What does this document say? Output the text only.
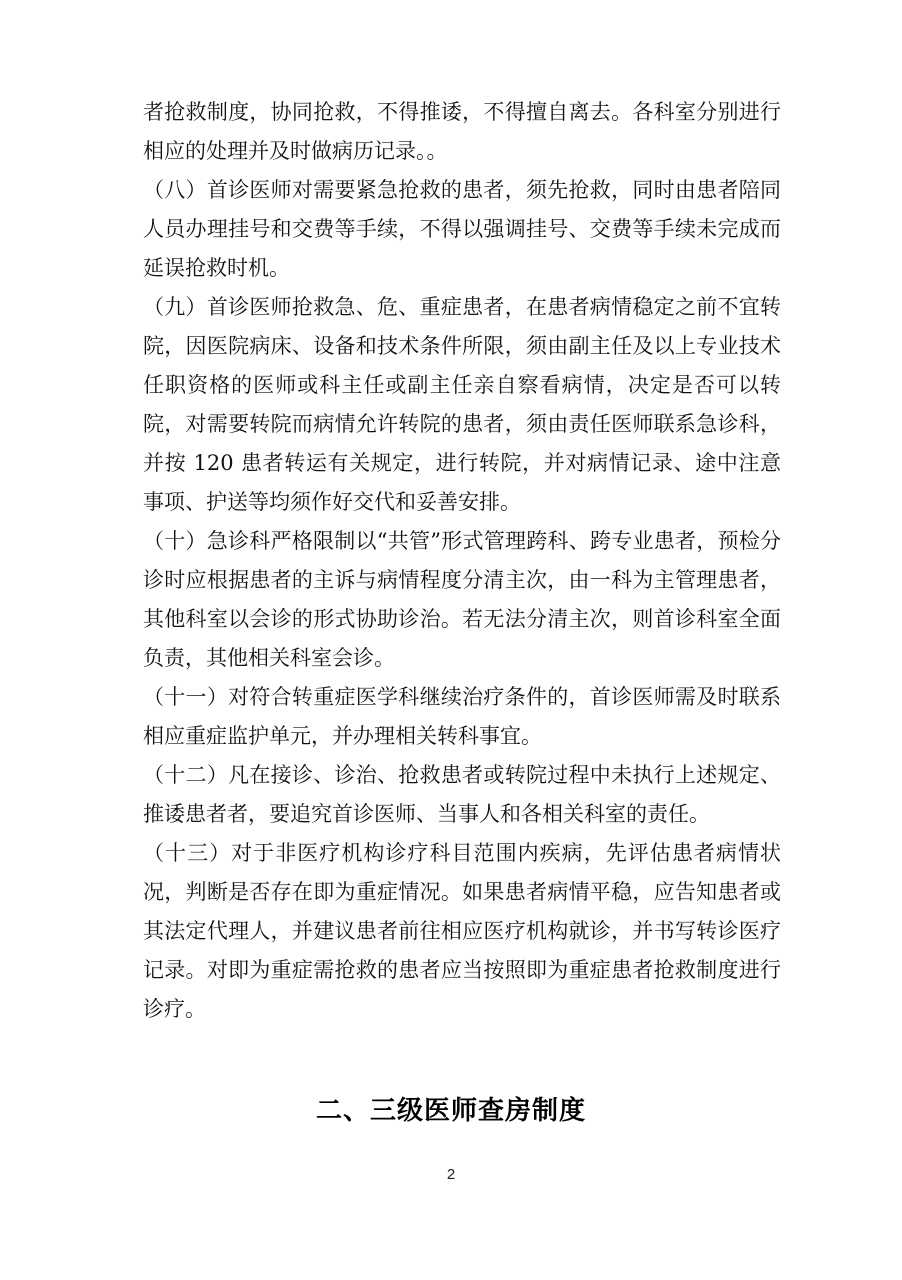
者抢救制度，协同抢救，不得推诿，不得擅自离去。各科室分别进行相应的处理并及时做病历记录。。

（八）首诊医师对需要紧急抢救的患者，须先抢救，同时由患者陪同人员办理挂号和交费等手续，不得以强调挂号、交费等手续未完成而延误抢救时机。

（九）首诊医师抢救急、危、重症患者，在患者病情稳定之前不宜转院，因医院病床、设备和技术条件所限，须由副主任及以上专业技术任职资格的医师或科主任或副主任亲自察看病情，决定是否可以转院，对需要转院而病情允许转院的患者，须由责任医师联系急诊科，并按 120 患者转运有关规定，进行转院，并对病情记录、途中注意事项、护送等均须作好交代和妥善安排。

（十）急诊科严格限制以“共管”形式管理跨科、跨专业患者，预检分诊时应根据患者的主诉与病情程度分清主次，由一科为主管理患者，其他科室以会诊的形式协助诊治。若无法分清主次，则首诊科室全面负责，其他相关科室会诊。

（十一）对符合转重症医学科继续治疗条件的，首诊医师需及时联系相应重症监护单元，并办理相关转科事宜。

（十二）凡在接诊、诊治、抢救患者或转院过程中未执行上述规定、推诿患者者，要追究首诊医师、当事人和各相关科室的责任。

（十三）对于非医疗机构诊疗科目范围内疾病，先评估患者病情状况，判断是否存在即为重症情况。如果患者病情平稳，应告知患者或其法定代理人，并建议患者前往相应医疗机构就诊，并书写转诊医疗记录。对即为重症需抢救的患者应当按照即为重症患者抢救制度进行诊疗。

二、三级医师查房制度
2
